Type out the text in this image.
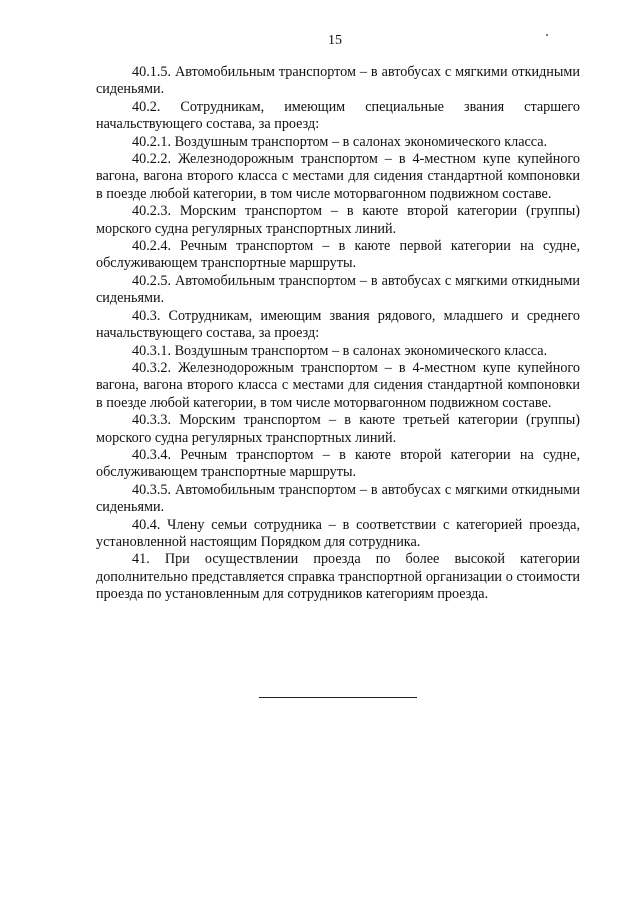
15

40.1.5. Автомобильным транспортом – в автобусах с мягкими откидными сиденьями.

40.2. Сотрудникам, имеющим специальные звания старшего начальствующего состава, за проезд:

40.2.1. Воздушным транспортом – в салонах экономического класса.

40.2.2. Железнодорожным транспортом – в 4-местном купе купейного вагона, вагона второго класса с местами для сидения стандартной компоновки в поезде любой категории, в том числе моторвагонном подвижном составе.

40.2.3. Морским транспортом – в каюте второй категории (группы) морского судна регулярных транспортных линий.

40.2.4. Речным транспортом – в каюте первой категории на судне, обслуживающем транспортные маршруты.

40.2.5. Автомобильным транспортом – в автобусах с мягкими откидными сиденьями.

40.3. Сотрудникам, имеющим звания рядового, младшего и среднего начальствующего состава, за проезд:

40.3.1. Воздушным транспортом – в салонах экономического класса.

40.3.2. Железнодорожным транспортом – в 4-местном купе купейного вагона, вагона второго класса с местами для сидения стандартной компоновки в поезде любой категории, в том числе моторвагонном подвижном составе.

40.3.3. Морским транспортом – в каюте третьей категории (группы) морского судна регулярных транспортных линий.

40.3.4. Речным транспортом – в каюте второй категории на судне, обслуживающем транспортные маршруты.

40.3.5. Автомобильным транспортом – в автобусах с мягкими откидными сиденьями.

40.4. Члену семьи сотрудника – в соответствии с категорией проезда, установленной настоящим Порядком для сотрудника.

41. При осуществлении проезда по более высокой категории дополнительно представляется справка транспортной организации о стоимости проезда по установленным для сотрудников категориям проезда.
